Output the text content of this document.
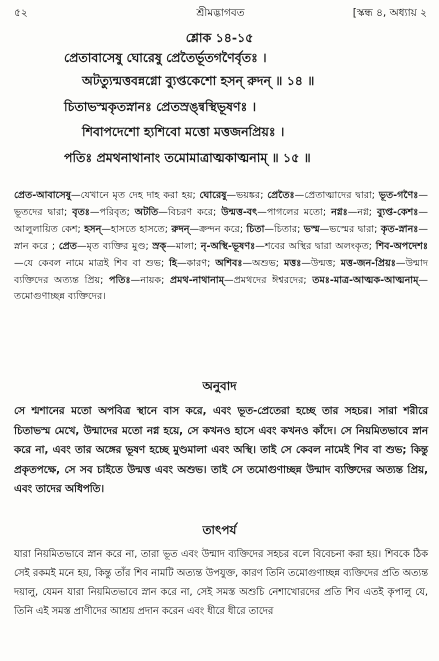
৫২	শ্রীমদ্ভাগবত	[স্কন্ধ ৪, অধ্যায় ২
শ্লোক ১৪-১৫
প্রেতাবাসেষু ঘোরেষু প্রেতৈর্ভূতগণৈর্বৃতঃ ।
অটত্যুন্মত্তবন্নগ্নো ব্যুপ্তকেশো হসন্ রুদন্ ॥ ১৪ ॥
চিতাভস্মকৃতস্নানঃ প্রেতস্রঙ্‌ন্বস্থিভূষণঃ ।
শিবাপদেশো হ্যশিবো মত্তো মত্তজনপ্রিয়ঃ ।
পতিঃ প্রমথনাথানাং তমোমাত্রাত্মকাত্মনাম্ ॥ ১৫ ॥

প্রেত-আবাসেষু—যেখানে মৃত দেহ দাহ করা হয়; ঘোরেষু—ভয়ঙ্কর; প্রেতৈঃ—প্রেতাত্মাদের দ্বারা; ভূত-গণৈঃ—ভূতদের দ্বারা; বৃতঃ—পরিবৃত; অটতি—বিচরণ করে; উন্মত্ত-বৎ—পাগলের মতো; নগ্নঃ—নগ্ন; ব্যুপ্ত-কেশঃ—আলুলায়িত কেশ; হসন্—হাসতে হাসতে; রুদন্—ক্রন্দন করে; চিতা—চিতার; ভস্ম—ভস্মের দ্বারা; কৃত-স্নানঃ—স্নান করে ; প্রেত—মৃত ব্যক্তির মুণ্ড; স্রক্—মালা; নৃ-অস্থি-ভূষণঃ—শবের অস্থির দ্বারা অলংকৃত; শিব-অপদেশঃ—যে কেবল নামে মাত্রই শিব বা শুভ; হি—কারণ; অশিবঃ—অশুভ; মত্তঃ—উন্মত্ত; মত্ত-জন-প্রিয়ঃ—উন্মাদ ব্যক্তিদের অত্যন্ত প্রিয়; পতিঃ—নায়ক; প্রমথ-নাথানাম্—প্রমথদের ঈশ্বরদের; তমঃ-মাত্র-আত্মক-আত্মনাম্—তমোগুণাচ্ছন্ন ব্যক্তিদের।

অনুবাদ

সে শ্মশানের মতো অপবিত্র স্থানে বাস করে, এবং ভূত-প্রেতেরা হচ্ছে তার সহচর। সারা শরীরে চিতাভস্ম মেখে, উন্মাদের মতো নগ্ন হয়ে, সে কখনও হাসে এবং কখনও কাঁদে। সে নিয়মিতভাবে স্নান করে না, এবং তার অঙ্গের ভূষণ হচ্ছে মুণ্ডমালা এবং অস্থি। তাই সে কেবল নামেই শিব বা শুভ; কিন্তু প্রকৃতপক্ষে, সে সব চাইতে উন্মত্ত এবং অশুভ। তাই সে তমোগুণাচ্ছন্ন উন্মাদ ব্যক্তিদের অত্যন্ত প্রিয়, এবং তাদের অধিপতি।

তাৎপর্য

যারা নিয়মিতভাবে স্নান করে না, তারা ভূত এবং উন্মাদ ব্যক্তিদের সহচর বলে বিবেচনা করা হয়। শিবকে ঠিক সেই রকমই মনে হয়, কিন্তু তাঁর শিব নামটি অত্যন্ত উপযুক্ত, কারণ তিনি তমোগুণাচ্ছন্ন ব্যক্তিদের প্রতি অত্যন্ত দয়ালু, যেমন যারা নিয়মিতভাবে স্নান করে না, সেই সমস্ত অশুচি নেশাখোরদের প্রতি শিব এতই কৃপালু যে, তিনি এই সমস্ত প্রাণীদের আশ্রয় প্রদান করেন এবং ধীরে ধীরে তাদের
